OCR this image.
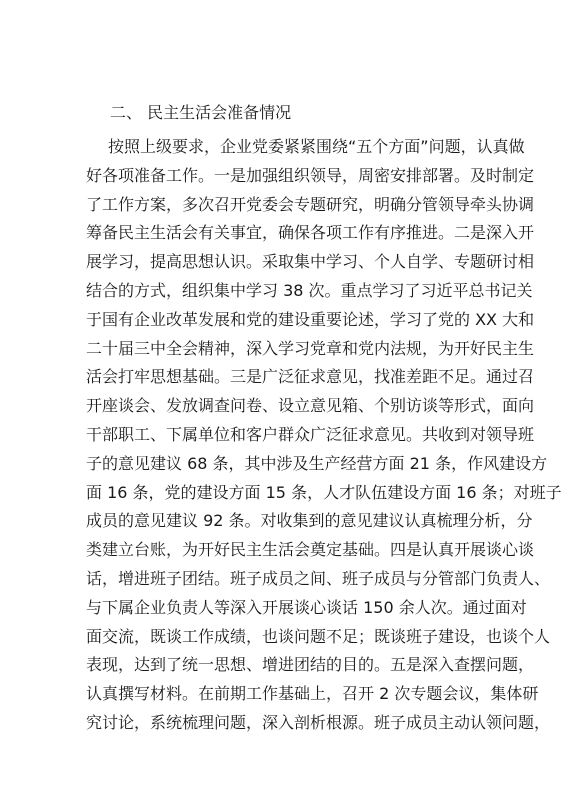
二、 民主生活会准备情况
按照上级要求，企业党委紧紧围绕“五个方面”问题，认真做
好各项准备工作。一是加强组织领导，周密安排部署。及时制定
了工作方案，多次召开党委会专题研究，明确分管领导牵头协调
筹备民主生活会有关事宜，确保各项工作有序推进。二是深入开
展学习，提高思想认识。采取集中学习、个人自学、专题研讨相
结合的方式，组织集中学习 38 次。重点学习了习近平总书记关
于国有企业改革发展和党的建设重要论述，学习了党的 XX 大和
二十届三中全会精神，深入学习党章和党内法规，为开好民主生
活会打牢思想基础。三是广泛征求意见，找准差距不足。通过召
开座谈会、发放调查问卷、设立意见箱、个别访谈等形式，面向
干部职工、下属单位和客户群众广泛征求意见。共收到对领导班
子的意见建议 68 条，其中涉及生产经营方面 21 条，作风建设方
面 16 条，党的建设方面 15 条，人才队伍建设方面 16 条；对班子
成员的意见建议 92 条。对收集到的意见建议认真梳理分析，分
类建立台账，为开好民主生活会奠定基础。四是认真开展谈心谈
话，增进班子团结。班子成员之间、班子成员与分管部门负责人、
与下属企业负责人等深入开展谈心谈话 150 余人次。通过面对
面交流，既谈工作成绩，也谈问题不足；既谈班子建设，也谈个人
表现，达到了统一思想、增进团结的目的。五是深入查摆问题，
认真撰写材料。在前期工作基础上，召开 2 次专题会议，集体研
究讨论，系统梳理问题，深入剖析根源。班子成员主动认领问题，
